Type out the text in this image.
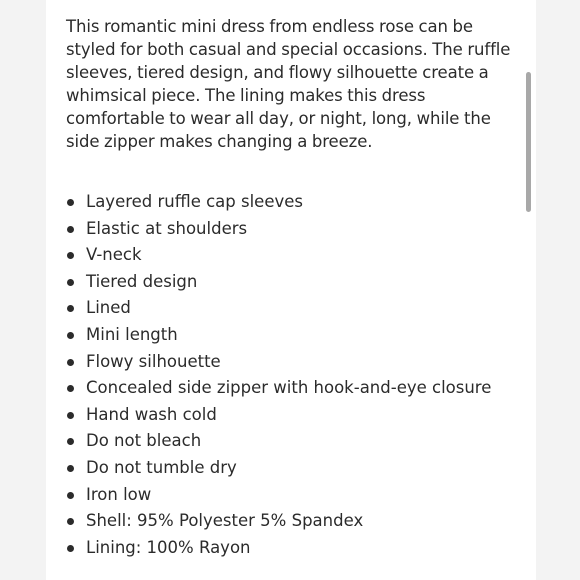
This romantic mini dress from endless rose can be styled for both casual and special occasions. The ruffle sleeves, tiered design, and flowy silhouette create a whimsical piece. The lining makes this dress comfortable to wear all day, or night, long, while the side zipper makes changing a breeze.

Layered ruffle cap sleeves
Elastic at shoulders
V-neck
Tiered design
Lined
Mini length
Flowy silhouette
Concealed side zipper with hook-and-eye closure
Hand wash cold
Do not bleach
Do not tumble dry
Iron low
Shell: 95% Polyester 5% Spandex
Lining: 100% Rayon
